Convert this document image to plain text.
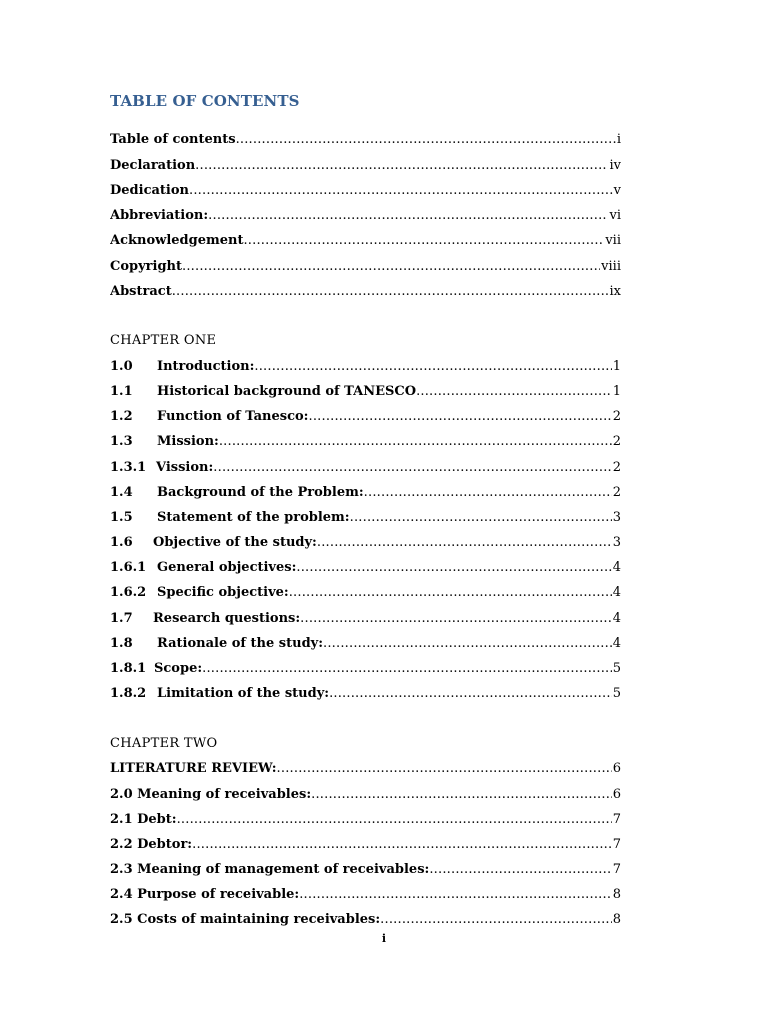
TABLE OF CONTENTS
Table of contents .....	i
Declaration .....	iv
Dedication .....	v
Abbreviation: .....	vi
Acknowledgement .....	vii
Copyright .....	viii
Abstract .....	ix
CHAPTER ONE
1.0	Introduction: .....	1
1.1	Historical background of TANESCO .....	1
1.2	Function of Tanesco: .....	2
1.3	Mission: .....	2
1.3.1 Vission: .....	2
1.4	Background of the Problem: .....	2
1.5	Statement of the problem: .....	3
1.6	Objective of the study: .....	3
1.6.1 General objectives: .....	4
1.6.2 Specific objective: .....	4
1.7	Research questions: .....	4
1.8	Rationale of the study: .....	4
1.8.1 Scope: .....	5
1.8.2 Limitation of the study: .....	5
CHAPTER TWO
LITERATURE REVIEW: .....	6
2.0 Meaning of receivables: .....	6
2.1 Debt: .....	7
2.2 Debtor: .....	7
2.3 Meaning of management of receivables: .....	7
2.4 Purpose of receivable: .....	8
2.5 Costs of maintaining receivables: .....	8
i
